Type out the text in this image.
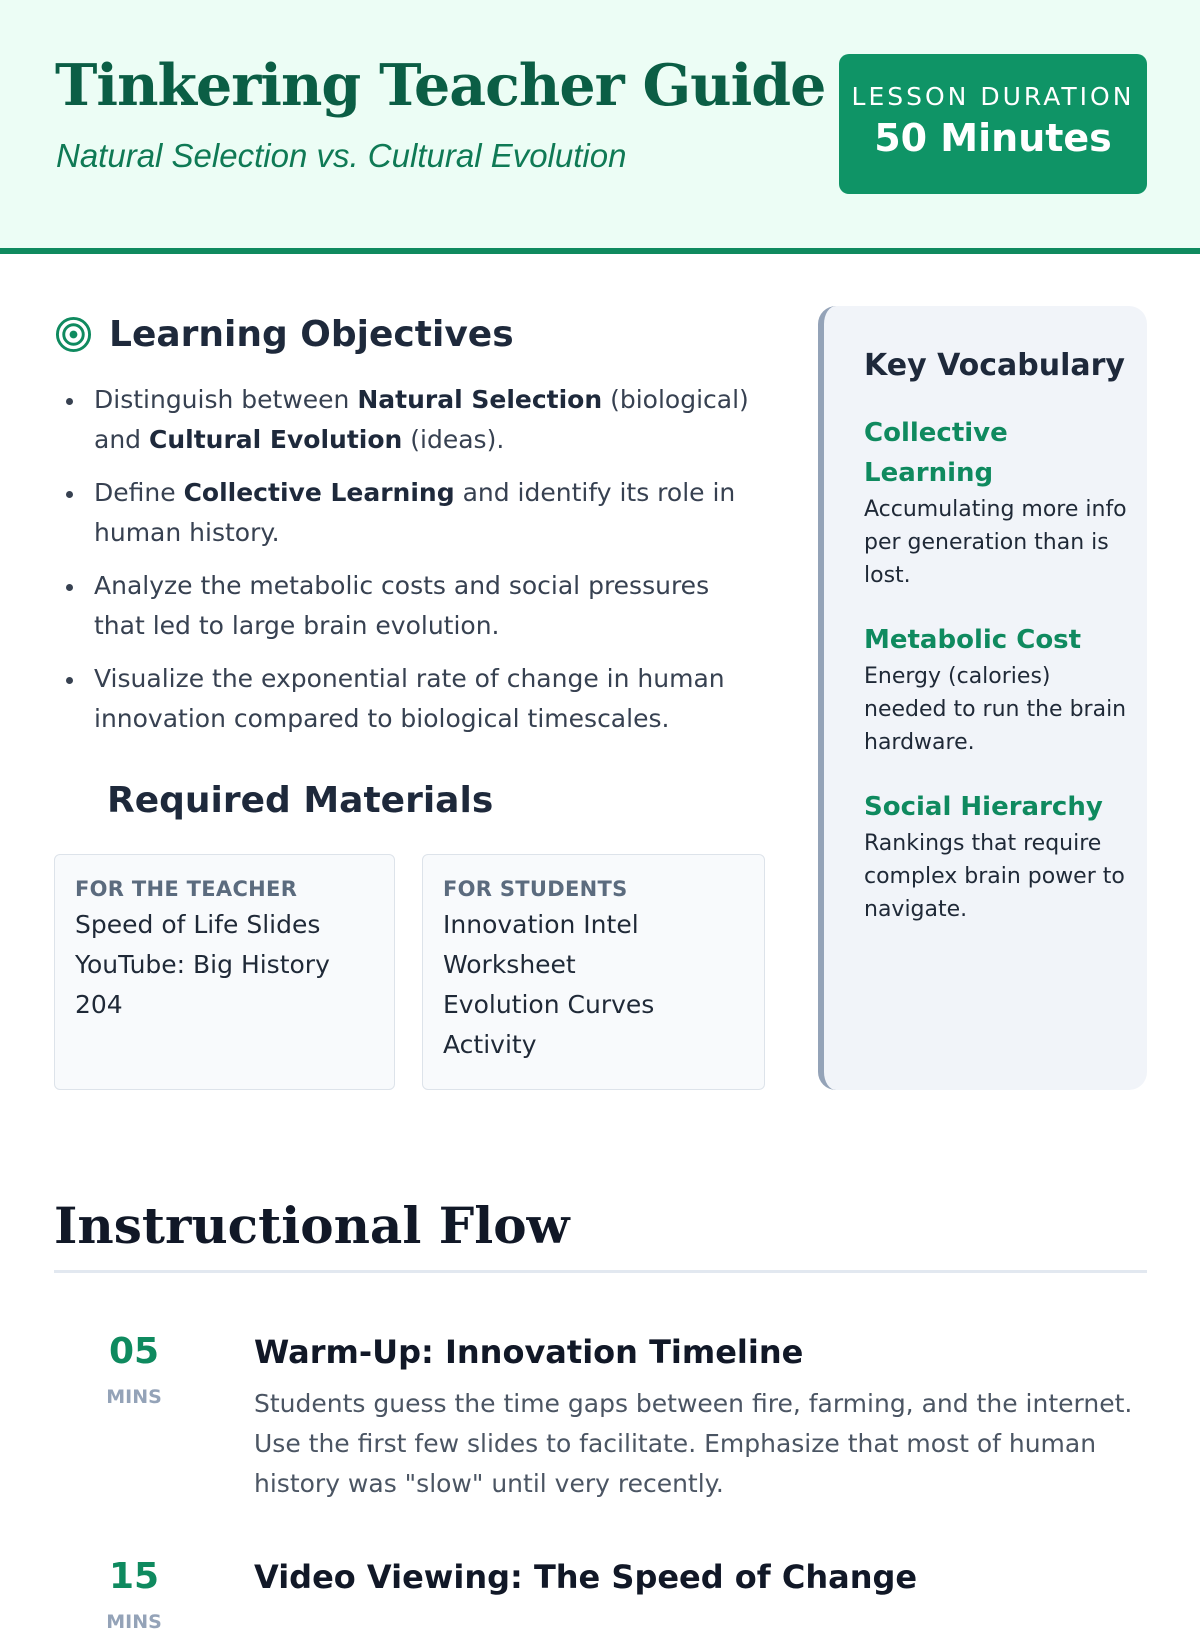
Tinkering Teacher Guide
Natural Selection vs. Cultural Evolution
LESSON DURATION
50 Minutes
Learning Objectives
Distinguish between Natural Selection (biological) and Cultural Evolution (ideas).
Define Collective Learning and identify its role in human history.
Analyze the metabolic costs and social pressures that led to large brain evolution.
Visualize the exponential rate of change in human innovation compared to biological timescales.
Required Materials
FOR THE TEACHER
Speed of Life Slides
YouTube: Big History 204
FOR STUDENTS
Innovation Intel Worksheet
Evolution Curves Activity
Key Vocabulary
Collective Learning
Accumulating more info per generation than is lost.
Metabolic Cost
Energy (calories) needed to run the brain hardware.
Social Hierarchy
Rankings that require complex brain power to navigate.
Instructional Flow
05
MINS
Warm-Up: Innovation Timeline
Students guess the time gaps between fire, farming, and the internet. Use the first few slides to facilitate. Emphasize that most of human history was "slow" until very recently.
15
MINS
Video Viewing: The Speed of Change
